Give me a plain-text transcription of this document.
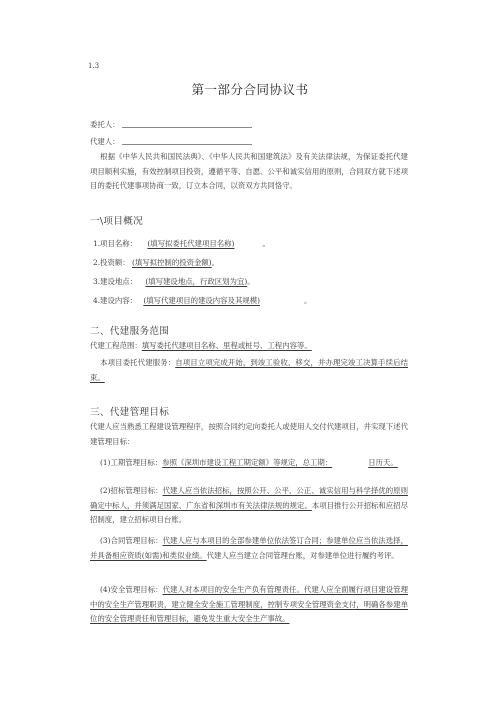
1.3
第一部分合同协议书
委托人：
代建人：
根据《中华人民共和国民法典》、《中华人民共和国建筑法》及有关法律法规，为保证委托代建项目顺利实施，有效控制项目投资，遵循平等、自愿、公平和诚实信用的原则，合同双方就下述项目的委托代建事项协商一致，订立本合同，以资双方共同恪守。
一\项目概况
1.项目名称： (填写拟委托代建项目名称)	。
2.投资额： (填写拟控制的投资金额)。
3.建设地点： (填写建设地点，行政区划为宜)。
4.建设内容： (填写代建项目的建设内容及其规模)	。
二、代建服务范围
代建工程范围：填写委托代建项目名称、里程或桩号、工程内容等。
本项目委托代建服务：自项目立项完成开始，到竣工验收、移交，并办理完竣工决算手续后结束。
三、代建管理目标
代建人应当熟悉工程建设管理程序，按照合同约定向委托人或使用人交付代建项目，并实现下述代建管理目标：
(1)工期管理目标：参照《深圳市建设工程工期定额》等规定，总工期：	日历天。
(2)招标管理目标：代建人应当依法招标，按照公开、公平、公正、诚实信用与科学择优的原则确定中标人，并须满足国家、广东省和深圳市有关法律法规的规定。本项目推行公开招标和应招尽招制度，建立招标项目台账。
(3)合同管理目标：代建人应与本项目的全部参建单位依法签订合同；参建单位应当依法选择，并具备相应资质(如需)和类似业绩。代建人应当建立合同管理台账，对参建单位进行履约考评。
(4)安全管理目标：代建人对本项目的安全生产负有管理责任。代建人应全面履行项目建设管理中的安全生产管理职责，建立健全安全施工管理制度，控制专项安全管理资金支付，明确各参建单位的安全管理责任和管理目标，避免发生重大安全生产事故。
